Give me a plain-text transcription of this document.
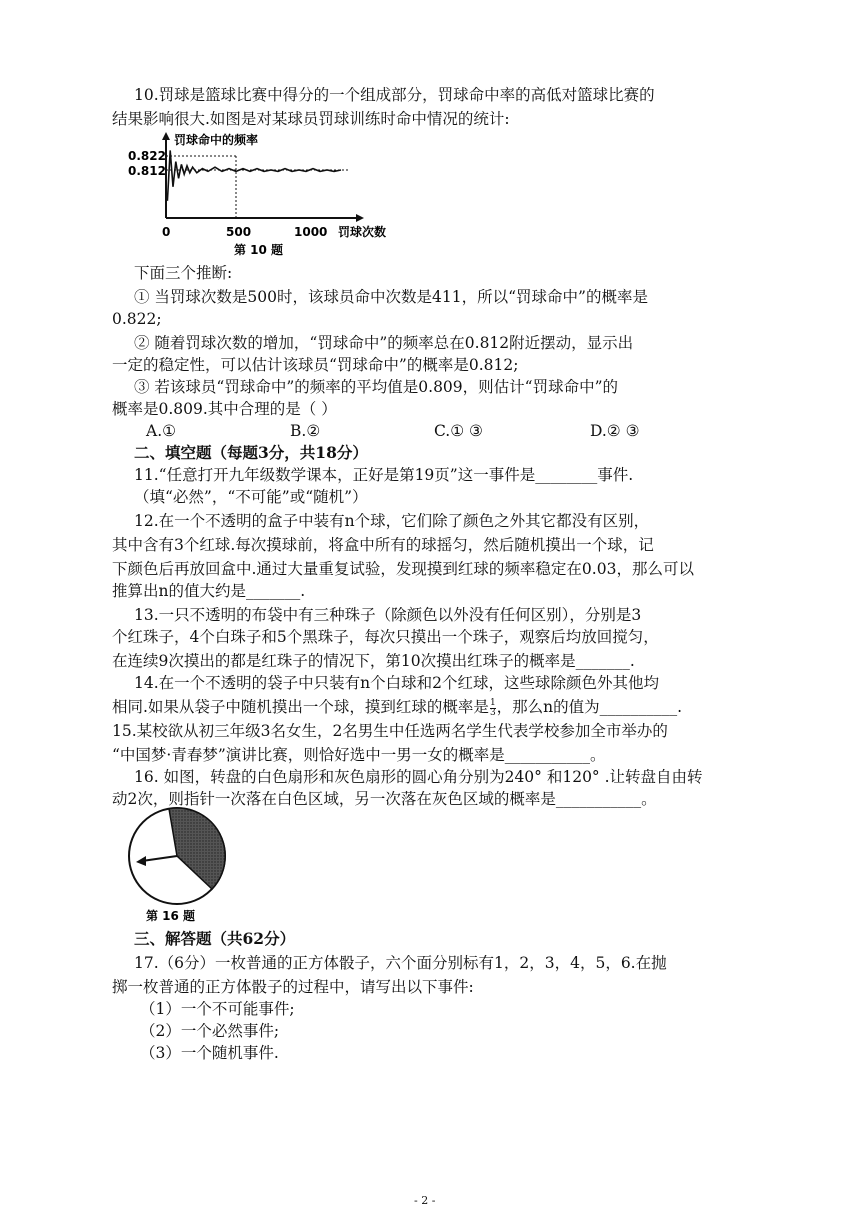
10.罚球是篮球比赛中得分的一个组成部分，罚球命中率的高低对篮球比赛的
结果影响很大.如图是对某球员罚球训练时命中情况的统计:
罚球命中的频率
0.822
0.812
0	500	1000 罚球次数
第 10 题
下面三个推断:
① 当罚球次数是500时，该球员命中次数是411，所以“罚球命中”的概率是
0.822;
② 随着罚球次数的增加，“罚球命中”的频率总在0.812附近摆动，显示出
一定的稳定性，可以估计该球员“罚球命中”的概率是0.812;
③ 若该球员“罚球命中”的频率的平均值是0.809，则估计“罚球命中”的
概率是0.809.其中合理的是（ ）
A.①	B.②	C.① ③	D.② ③
二、填空题（每题3分，共18分）
11.“任意打开九年级数学课本，正好是第19页”这一事件是________事件.
（填“必然”，“不可能”或“随机”）
12.在一个不透明的盒子中装有n个球，它们除了颜色之外其它都没有区别，
其中含有3个红球.每次摸球前，将盒中所有的球摇匀，然后随机摸出一个球，记
下颜色后再放回盒中.通过大量重复试验，发现摸到红球的频率稳定在0.03，那么可以
推算出n的值大约是_______.
13.一只不透明的布袋中有三种珠子（除颜色以外没有任何区别），分别是3
个红珠子，4个白珠子和5个黑珠子，每次只摸出一个珠子，观察后均放回搅匀，
在连续9次摸出的都是红珠子的情况下，第10次摸出红珠子的概率是_______.
14.在一个不透明的袋子中只装有n个白球和2个红球，这些球除颜色外其他均
相同.如果从袋子中随机摸出一个球，摸到红球的概率是 $\frac{1}{3}$ ，那么n的值为__________.
15.某校欲从初三年级3名女生，2名男生中任选两名学生代表学校参加全市举办的
“中国梦·青春梦”演讲比赛，则恰好选中一男一女的概率是___________。
16. 如图，转盘的白色扇形和灰色扇形的圆心角分别为240° 和120° .让转盘自由转
动2次，则指针一次落在白色区域，另一次落在灰色区域的概率是___________。
第 16 题
三、解答题（共62分）
17.（6分）一枚普通的正方体骰子，六个面分别标有1，2，3，4，5，6.在抛
掷一枚普通的正方体骰子的过程中，请写出以下事件:
（1）一个不可能事件;
（2）一个必然事件;
（3）一个随机事件.
- 2 -
